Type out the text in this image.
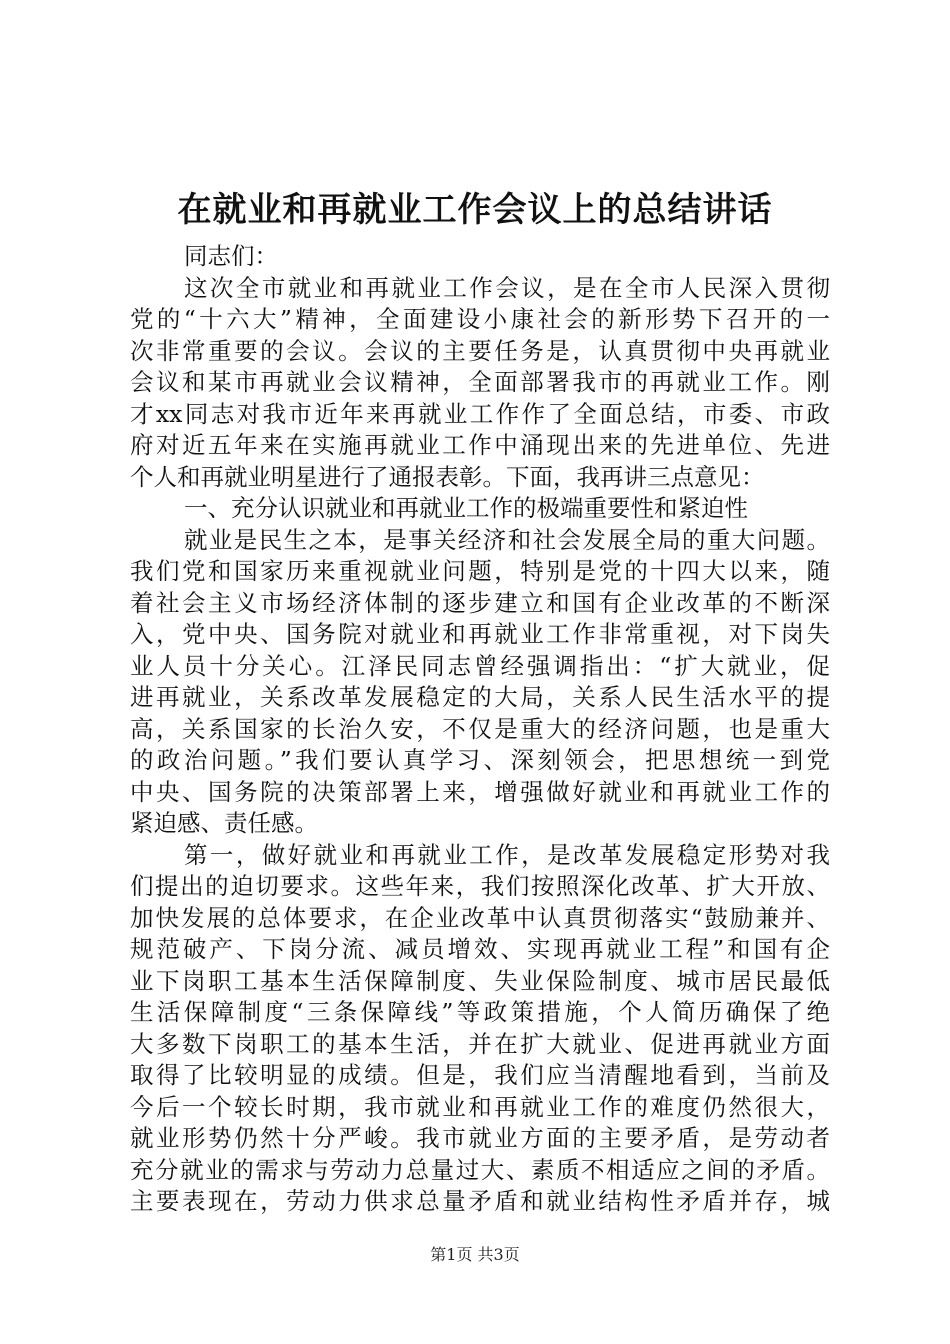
在就业和再就业工作会议上的总结讲话
同志们：
这次全市就业和再就业工作会议，是在全市人民深入贯彻
党的“十六大”精神，全面建设小康社会的新形势下召开的一
次非常重要的会议。会议的主要任务是，认真贯彻中央再就业
会议和某市再就业会议精神，全面部署我市的再就业工作。刚
才xx同志对我市近年来再就业工作作了全面总结，市委、市政
府对近五年来在实施再就业工作中涌现出来的先进单位、先进
个人和再就业明星进行了通报表彰。下面，我再讲三点意见：
一、充分认识就业和再就业工作的极端重要性和紧迫性
就业是民生之本，是事关经济和社会发展全局的重大问题。
我们党和国家历来重视就业问题，特别是党的十四大以来，随
着社会主义市场经济体制的逐步建立和国有企业改革的不断深
入，党中央、国务院对就业和再就业工作非常重视，对下岗失
业人员十分关心。江泽民同志曾经强调指出：“扩大就业，促
进再就业，关系改革发展稳定的大局，关系人民生活水平的提
高，关系国家的长治久安，不仅是重大的经济问题，也是重大
的政治问题。”我们要认真学习、深刻领会，把思想统一到党
中央、国务院的决策部署上来，增强做好就业和再就业工作的
紧迫感、责任感。
第一，做好就业和再就业工作，是改革发展稳定形势对我
们提出的迫切要求。这些年来，我们按照深化改革、扩大开放、
加快发展的总体要求，在企业改革中认真贯彻落实“鼓励兼并、
规范破产、下岗分流、减员增效、实现再就业工程”和国有企
业下岗职工基本生活保障制度、失业保险制度、城市居民最低
生活保障制度“三条保障线”等政策措施，个人简历确保了绝
大多数下岗职工的基本生活，并在扩大就业、促进再就业方面
取得了比较明显的成绩。但是，我们应当清醒地看到，当前及
今后一个较长时期，我市就业和再就业工作的难度仍然很大，
就业形势仍然十分严峻。我市就业方面的主要矛盾，是劳动者
充分就业的需求与劳动力总量过大、素质不相适应之间的矛盾。
主要表现在，劳动力供求总量矛盾和就业结构性矛盾并存，城
第1页 共3页
